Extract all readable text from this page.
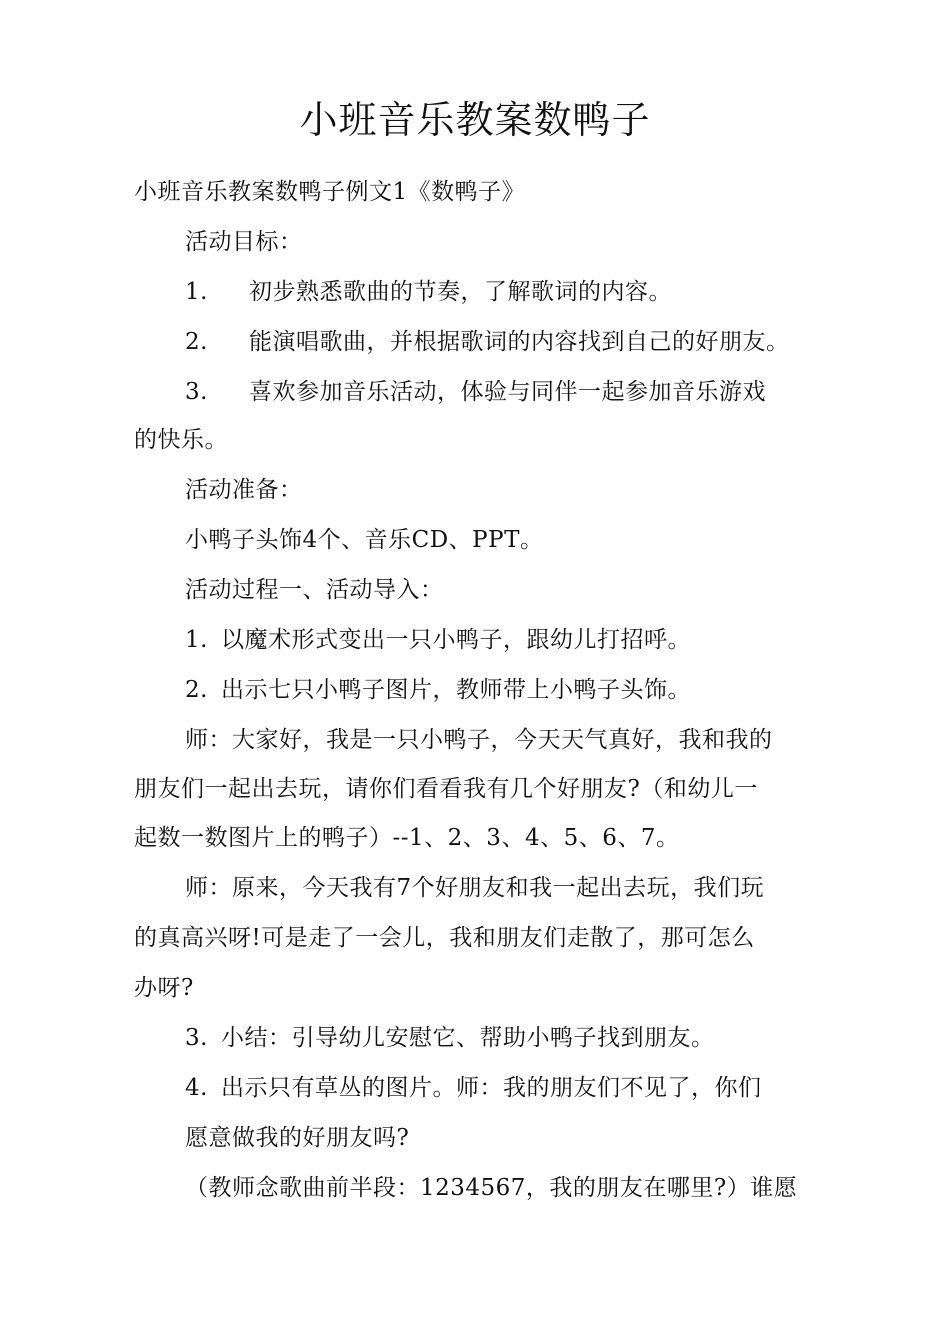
小班音乐教案数鸭子
小班音乐教案数鸭子例文1《数鸭子》
活动目标：
1. 初步熟悉歌曲的节奏，了解歌词的内容。
2. 能演唱歌曲，并根据歌词的内容找到自己的好朋友。
3. 喜欢参加音乐活动，体验与同伴一起参加音乐游戏
的快乐。
活动准备：
小鸭子头饰4个、音乐CD、PPT。
活动过程一、活动导入：
1. 以魔术形式变出一只小鸭子，跟幼儿打招呼。
2. 出示七只小鸭子图片，教师带上小鸭子头饰。
师：大家好，我是一只小鸭子，今天天气真好，我和我的
朋友们一起出去玩，请你们看看我有几个好朋友?（和幼儿一
起数一数图片上的鸭子）--1、2、3、4、5、6、7。
师：原来，今天我有7个好朋友和我一起出去玩，我们玩
的真高兴呀!可是走了一会儿，我和朋友们走散了，那可怎么
办呀?
3. 小结：引导幼儿安慰它、帮助小鸭子找到朋友。
4. 出示只有草丛的图片。师：我的朋友们不见了，你们
愿意做我的好朋友吗?
（教师念歌曲前半段：1234567，我的朋友在哪里?）谁愿
